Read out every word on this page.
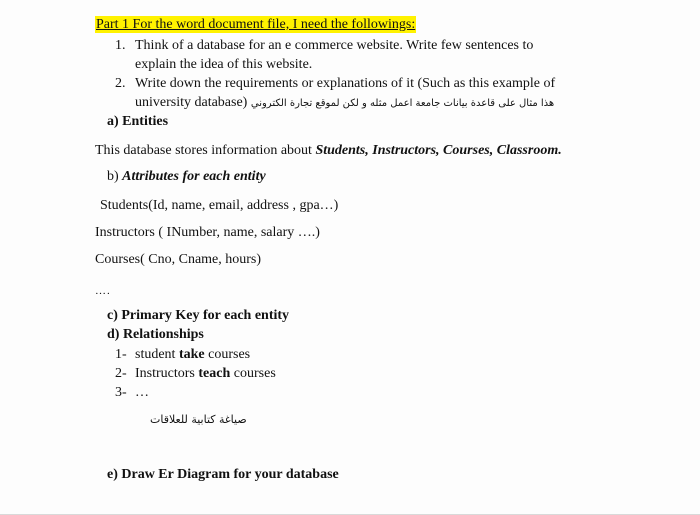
Part 1 For the word document file, I need the followings:
1. Think of a database for an e commerce website. Write few sentences to
explain the idea of this website.
2. Write down the requirements or explanations of it (Such as this example of
university database) هذا مثال على قاعدة بيانات جامعة اعمل مثله و لكن لموقع تجارة الكتروني
a) Entities
This database stores information about Students, Instructors, Courses, Classroom.
b) Attributes for each entity
Students(Id, name, email, address , gpa…)
Instructors ( INumber, name, salary ….)
Courses( Cno, Cname, hours)
….
c) Primary Key for each entity
d) Relationships
1- student take courses
2- Instructors teach courses
3- …
صياغة كتابية للعلاقات
e) Draw Er Diagram for your database
